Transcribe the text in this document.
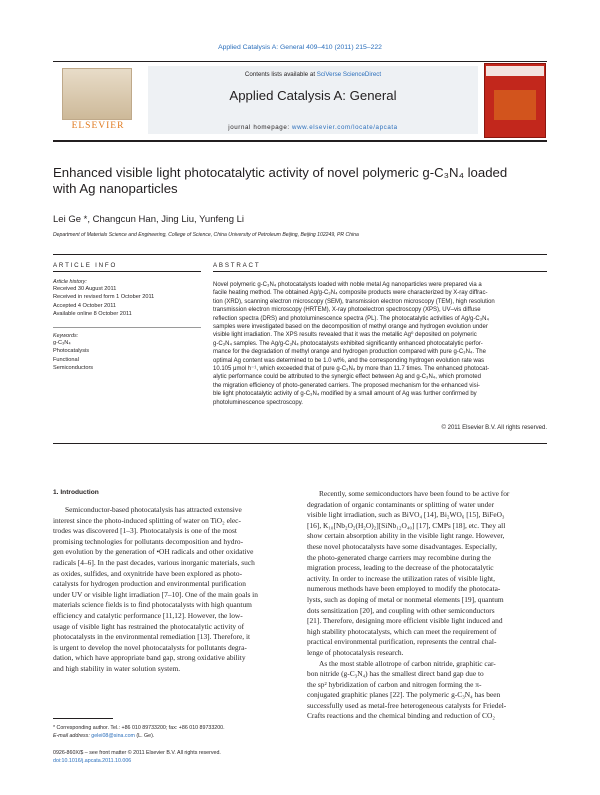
Applied Catalysis A: General 409–410 (2011) 215–222
ELSEVIER
Contents lists available at SciVerse ScienceDirect
Applied Catalysis A: General
journal homepage: www.elsevier.com/locate/apcata
Enhanced visible light photocatalytic activity of novel polymeric g-C₃N₄ loaded
with Ag nanoparticles
Lei Ge *, Changcun Han, Jing Liu, Yunfeng Li
Department of Materials Science and Engineering, College of Science, China University of Petroleum Beijing, Beijing 102249, PR China
ARTICLE INFO
Article history:
Received 30 August 2011
Received in revised form 1 October 2011
Accepted 4 October 2011
Available online 8 October 2011
Keywords:
g-C₃N₄
Photocatalysis
Functional
Semiconductors
ABSTRACT
Novel polymeric g-C₃N₄ photocatalysts loaded with noble metal Ag nanoparticles were prepared via a
facile heating method. The obtained Ag/g-C₃N₄ composite products were characterized by X-ray diffrac-
tion (XRD), scanning electron microscopy (SEM), transmission electron microscopy (TEM), high resolution
transmission electron microscopy (HRTEM), X-ray photoelectron spectroscopy (XPS), UV–vis diffuse
reflection spectra (DRS) and photoluminescence spectra (PL). The photocatalytic activities of Ag/g-C₃N₄
samples were investigated based on the decomposition of methyl orange and hydrogen evolution under
visible light irradiation. The XPS results revealed that it was the metallic Ag⁰ deposited on polymeric
g-C₃N₄ samples. The Ag/g-C₃N₄ photocatalysts exhibited significantly enhanced photocatalytic perfor-
mance for the degradation of methyl orange and hydrogen production compared with pure g-C₃N₄. The
optimal Ag content was determined to be 1.0 wt%, and the corresponding hydrogen evolution rate was
10.105 μmol h⁻¹, which exceeded that of pure g-C₃N₄ by more than 11.7 times. The enhanced photocat-
alytic performance could be attributed to the synergic effect between Ag and g-C₃N₄, which promoted
the migration efficiency of photo-generated carriers. The proposed mechanism for the enhanced visi-
ble light photocatalytic activity of g-C₃N₄ modified by a small amount of Ag was further confirmed by
photoluminescence spectroscopy.
© 2011 Elsevier B.V. All rights reserved.
1. Introduction
Semiconductor-based photocatalysis has attracted extensive
interest since the photo-induced splitting of water on TiO₂ elec-
trodes was discovered [1–3]. Photocatalysis is one of the most
promising technologies for pollutants decomposition and hydro-
gen evolution by the generation of •OH radicals and other oxidative
radicals [4–6]. In the past decades, various inorganic materials, such
as oxides, sulfides, and oxynitride have been explored as photo-
catalysts for hydrogen production and environmental purification
under UV or visible light irradiation [7–10]. One of the main goals in
materials science fields is to find photocatalysts with high quantum
efficiency and catalytic performance [11,12]. However, the low-
usage of visible light has restrained the photocatalytic activity of
photocatalysts in the environmental remediation [13]. Therefore, it
is urgent to develop the novel photocatalysts for pollutants degra-
dation, which have appropriate band gap, strong oxidative ability
and high stability in water solution system.
Recently, some semiconductors have been found to be active for
degradation of organic contaminants or splitting of water under
visible light irradiation, such as BiVO₄ [14], Bi₂WO₆ [15], BiFeO₃
[16], K₁₀[Nb₂O₂(H₂O)₂][SiNb₁₂O₄₀] [17], CMPs [18], etc. They all
show certain absorption ability in the visible light range. However,
these novel photocatalysts have some disadvantages. Especially,
the photo-generated charge carriers may recombine during the
migration process, leading to the decrease of the photocatalytic
activity. In order to increase the utilization rates of visible light,
numerous methods have been employed to modify the photocata-
lysts, such as doping of metal or nonmetal elements [19], quantum
dots sensitization [20], and coupling with other semiconductors
[21]. Therefore, designing more efficient visible light induced and
high stability photocatalysts, which can meet the requirement of
practical environmental purification, represents the central chal-
lenge of photocatalysis research.
As the most stable allotrope of carbon nitride, graphitic car-
bon nitride (g-C₃N₄) has the smallest direct band gap due to
the sp² hybridization of carbon and nitrogen forming the π-
conjugated graphitic planes [22]. The polymeric g-C₃N₄ has been
successfully used as metal-free heterogeneous catalysts for Friedel-
Crafts reactions and the chemical binding and reduction of CO₂
* Corresponding author. Tel.: +86 010 89733200; fax: +86 010 89733200.
E-mail address: gelei08@sina.com (L. Ge).
0926-860X/$ – see front matter © 2011 Elsevier B.V. All rights reserved.
doi:10.1016/j.apcata.2011.10.006
